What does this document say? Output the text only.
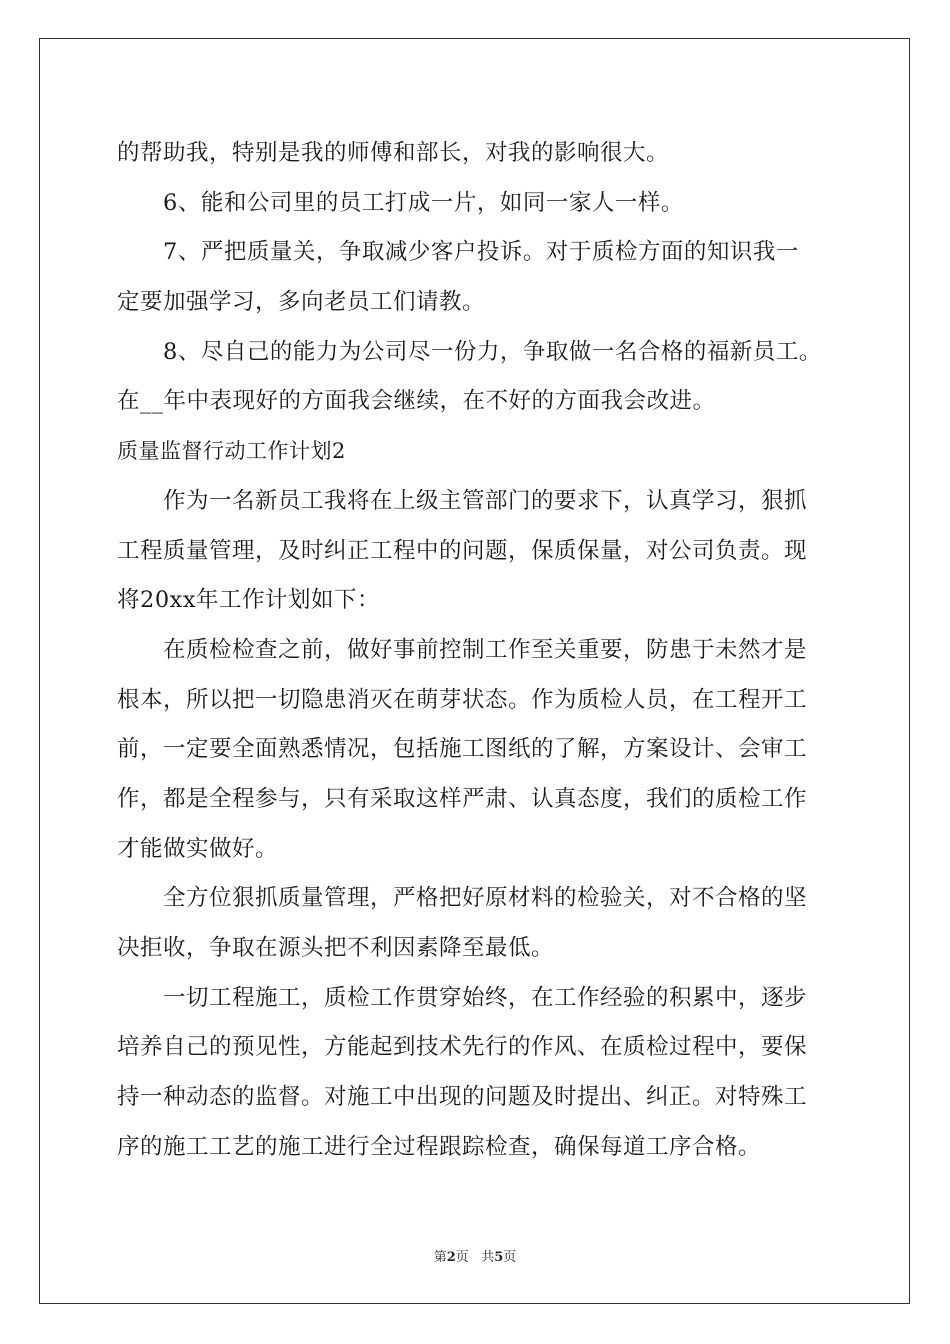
的帮助我，特别是我的师傅和部长，对我的影响很大。
6、能和公司里的员工打成一片，如同一家人一样。
7、严把质量关，争取减少客户投诉。对于质检方面的知识我一
定要加强学习，多向老员工们请教。
8、尽自己的能力为公司尽一份力，争取做一名合格的福新员工。
在__年中表现好的方面我会继续，在不好的方面我会改进。
质量监督行动工作计划2
作为一名新员工我将在上级主管部门的要求下，认真学习，狠抓
工程质量管理，及时纠正工程中的问题，保质保量，对公司负责。现
将20xx年工作计划如下：
在质检检查之前，做好事前控制工作至关重要，防患于未然才是
根本，所以把一切隐患消灭在萌芽状态。作为质检人员，在工程开工
前，一定要全面熟悉情况，包括施工图纸的了解，方案设计、会审工
作，都是全程参与，只有采取这样严肃、认真态度，我们的质检工作
才能做实做好。
全方位狠抓质量管理，严格把好原材料的检验关，对不合格的坚
决拒收，争取在源头把不利因素降至最低。
一切工程施工，质检工作贯穿始终，在工作经验的积累中，逐步
培养自己的预见性，方能起到技术先行的作风、在质检过程中，要保
持一种动态的监督。对施工中出现的问题及时提出、纠正。对特殊工
序的施工工艺的施工进行全过程跟踪检查，确保每道工序合格。
第2页 共5页
